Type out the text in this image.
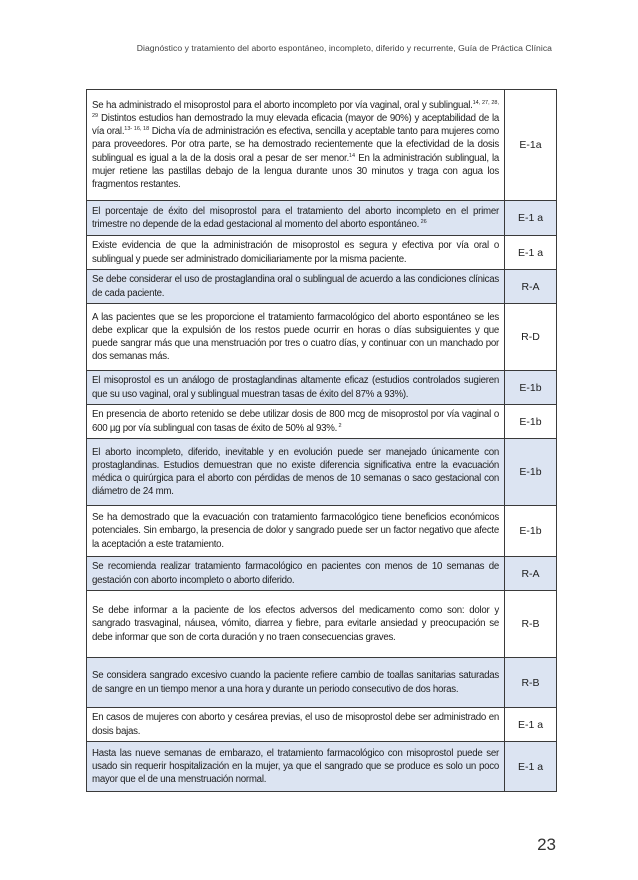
Diagnóstico y tratamiento del aborto espontáneo, incompleto, diferido y recurrente, Guía de Práctica Clínica
Se ha administrado el misoprostol para el aborto incompleto por vía vaginal, oral y sublingual.$^{14, 27, 28, 29}$ Distintos estudios han demostrado la muy elevada eficacia (mayor de 90%) y aceptabilidad de la vía oral.$^{13- 16, 18}$ Dicha vía de administración es efectiva, sencilla y aceptable tanto para mujeres como para proveedores. Por otra parte, se ha demostrado recientemente que la efectividad de la dosis sublingual es igual a la de la dosis oral a pesar de ser menor.$^{14}$ En la administración sublingual, la mujer retiene las pastillas debajo de la lengua durante unos 30 minutos y traga con agua los fragmentos restantes.	E-1a
El porcentaje de éxito del misoprostol para el tratamiento del aborto incompleto en el primer trimestre no depende de la edad gestacional al momento del aborto espontáneo. $^{26}$	E-1 a
Existe evidencia de que la administración de misoprostol es segura y efectiva por vía oral o sublingual y puede ser administrado domiciliariamente por la misma paciente.	E-1 a
Se debe considerar el uso de prostaglandina oral o sublingual de acuerdo a las condiciones clínicas de cada paciente.	R-A
A las pacientes que se les proporcione el tratamiento farmacológico del aborto espontáneo se les debe explicar que la expulsión de los restos puede ocurrir en horas o días subsiguientes y que puede sangrar más que una menstruación por tres o cuatro días, y continuar con un manchado por dos semanas más.	R-D
El misoprostol es un análogo de prostaglandinas altamente eficaz (estudios controlados sugieren que su uso vaginal, oral y sublingual muestran tasas de éxito del 87% a 93%).	E-1b
En presencia de aborto retenido se debe utilizar dosis de 800 mcg de misoprostol por vía vaginal o 600 µg por vía sublingual con tasas de éxito de 50% al 93%. $^2$	E-1b
El aborto incompleto, diferido, inevitable y en evolución puede ser manejado únicamente con prostaglandinas. Estudios demuestran que no existe diferencia significativa entre la evacuación médica o quirúrgica para el aborto con pérdidas de menos de 10 semanas o saco gestacional con diámetro de 24 mm.	E-1b
Se ha demostrado que la evacuación con tratamiento farmacológico tiene beneficios económicos potenciales. Sin embargo, la presencia de dolor y sangrado puede ser un factor negativo que afecte la aceptación a este tratamiento.	E-1b
Se recomienda realizar tratamiento farmacológico en pacientes con menos de 10 semanas de gestación con aborto incompleto o aborto diferido.	R-A
Se debe informar a la paciente de los efectos adversos del medicamento como son: dolor y sangrado trasvaginal, náusea, vómito, diarrea y fiebre, para evitarle ansiedad y preocupación se debe informar que son de corta duración y no traen consecuencias graves.	R-B
Se considera sangrado excesivo cuando la paciente refiere cambio de toallas sanitarias saturadas de sangre en un tiempo menor a una hora y durante un periodo consecutivo de dos horas.	R-B
En casos de mujeres con aborto y cesárea previas, el uso de misoprostol debe ser administrado en dosis bajas.	E-1 a
Hasta las nueve semanas de embarazo, el tratamiento farmacológico con misoprostol puede ser usado sin requerir hospitalización en la mujer, ya que el sangrado que se produce es solo un poco mayor que el de una menstruación normal.	E-1 a
23
